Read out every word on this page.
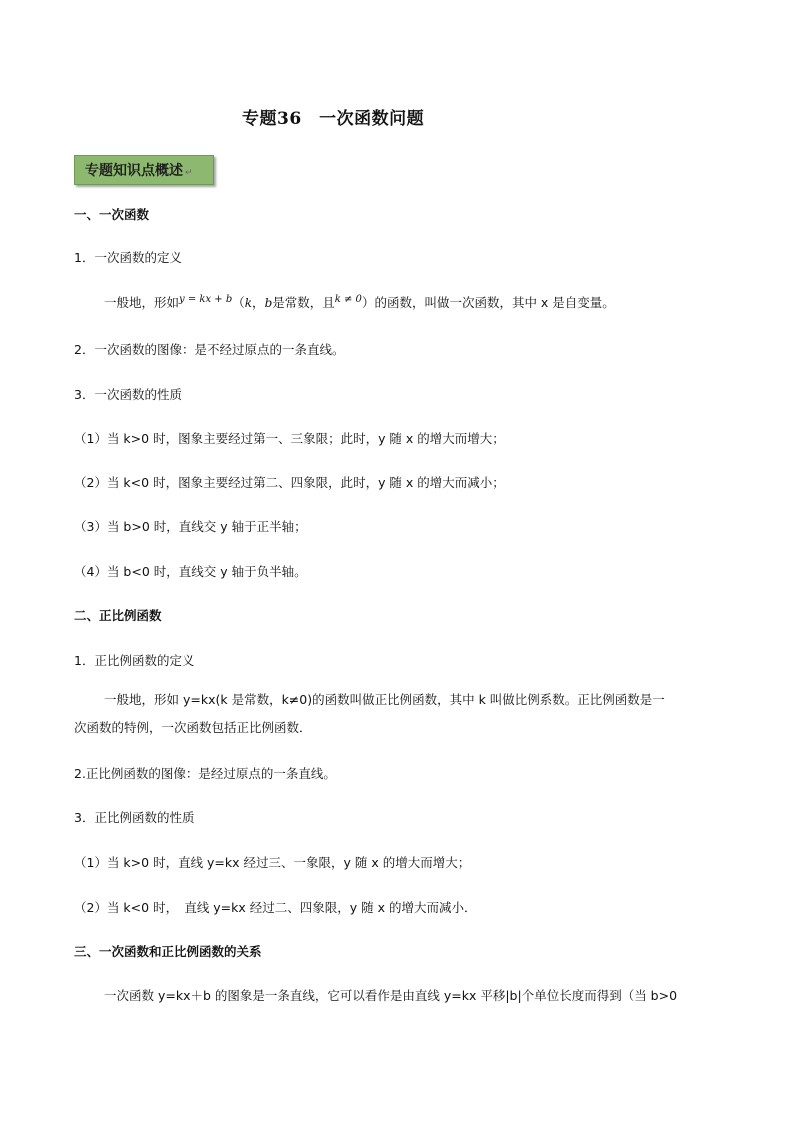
专题36　一次函数问题
专题知识点概述 ↵
一、一次函数
1．一次函数的定义
一般地，形如$^{y = kx + b}$（k，b是常数，且$^{k \ne 0}$）的函数，叫做一次函数，其中 x 是自变量。
2．一次函数的图像：是不经过原点的一条直线。
3．一次函数的性质
（1）当 k>0 时，图象主要经过第一、三象限；此时，y 随 x 的增大而增大；
（2）当 k<0 时，图象主要经过第二、四象限，此时，y 随 x 的增大而减小；
（3）当 b>0 时，直线交 y 轴于正半轴；
（4）当 b<0 时，直线交 y 轴于负半轴。
二、正比例函数
1．正比例函数的定义
一般地，形如 y=kx(k 是常数，k≠0)的函数叫做正比例函数，其中 k 叫做比例系数。正比例函数是一
次函数的特例，一次函数包括正比例函数．
2.正比例函数的图像：是经过原点的一条直线。
3．正比例函数的性质
（1）当 k>0 时，直线 y=kx 经过三、一象限，y 随 x 的增大而增大；
（2）当 k<0 时，　直线 y=kx 经过二、四象限，y 随 x 的增大而减小．
三、一次函数和正比例函数的关系
一次函数 y=kx＋b 的图象是一条直线，它可以看作是由直线 y=kx 平移|b|个单位长度而得到（当 b>0
